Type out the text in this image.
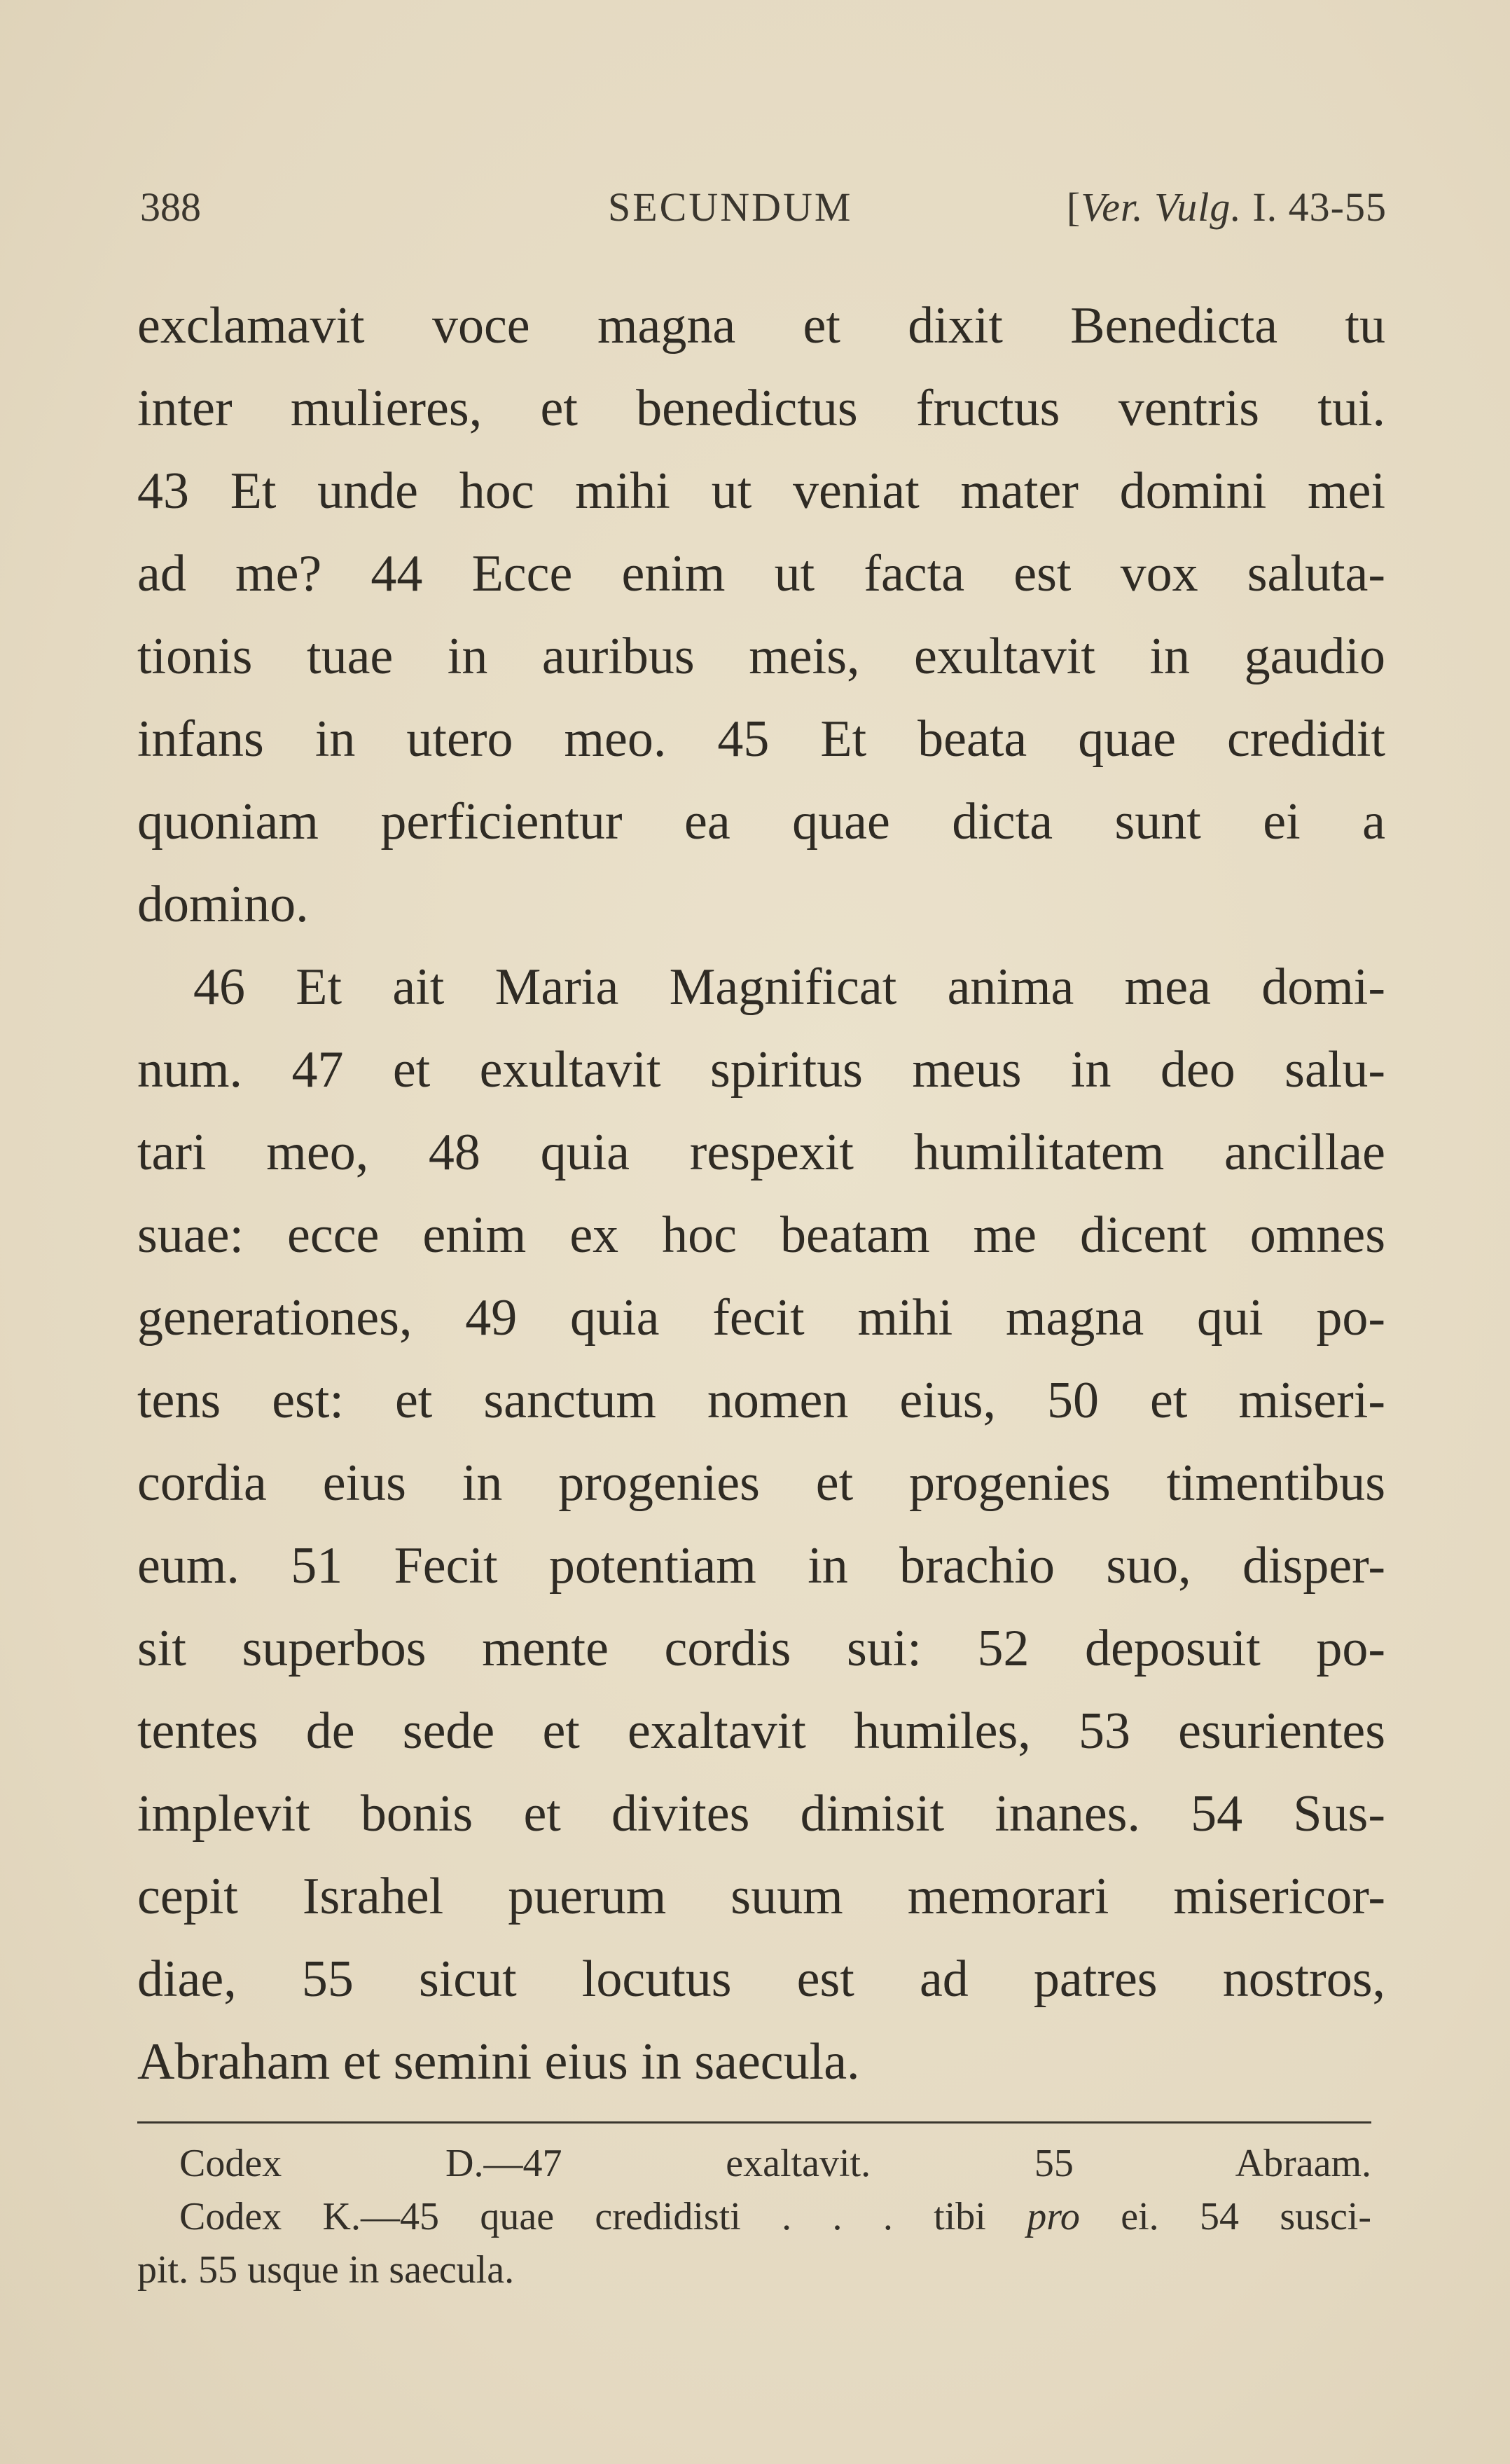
388	SECUNDUM	[Ver. Vulg. I. 43-55
exclamavit voce magna et dixit Benedicta tu
inter mulieres, et benedictus fructus ventris tui.
43 Et unde hoc mihi ut veniat mater domini mei
ad me? 44 Ecce enim ut facta est vox saluta-
tionis tuae in auribus meis, exultavit in gaudio
infans in utero meo. 45 Et beata quae credidit
quoniam perficientur ea quae dicta sunt ei a
domino.
46 Et ait Maria Magnificat anima mea domi-
num. 47 et exultavit spiritus meus in deo salu-
tari meo, 48 quia respexit humilitatem ancillae
suae: ecce enim ex hoc beatam me dicent omnes
generationes, 49 quia fecit mihi magna qui po-
tens est: et sanctum nomen eius, 50 et miseri-
cordia eius in progenies et progenies timentibus
eum. 51 Fecit potentiam in brachio suo, disper-
sit superbos mente cordis sui: 52 deposuit po-
tentes de sede et exaltavit humiles, 53 esurientes
implevit bonis et divites dimisit inanes. 54 Sus-
cepit Israhel puerum suum memorari misericor-
diae, 55 sicut locutus est ad patres nostros,
Abraham et semini eius in saecula.
Codex D.—47 exaltavit. 55 Abraam.
Codex K.—45 quae credidisti . . . tibi pro ei. 54 susci-
pit. 55 usque in saecula.
